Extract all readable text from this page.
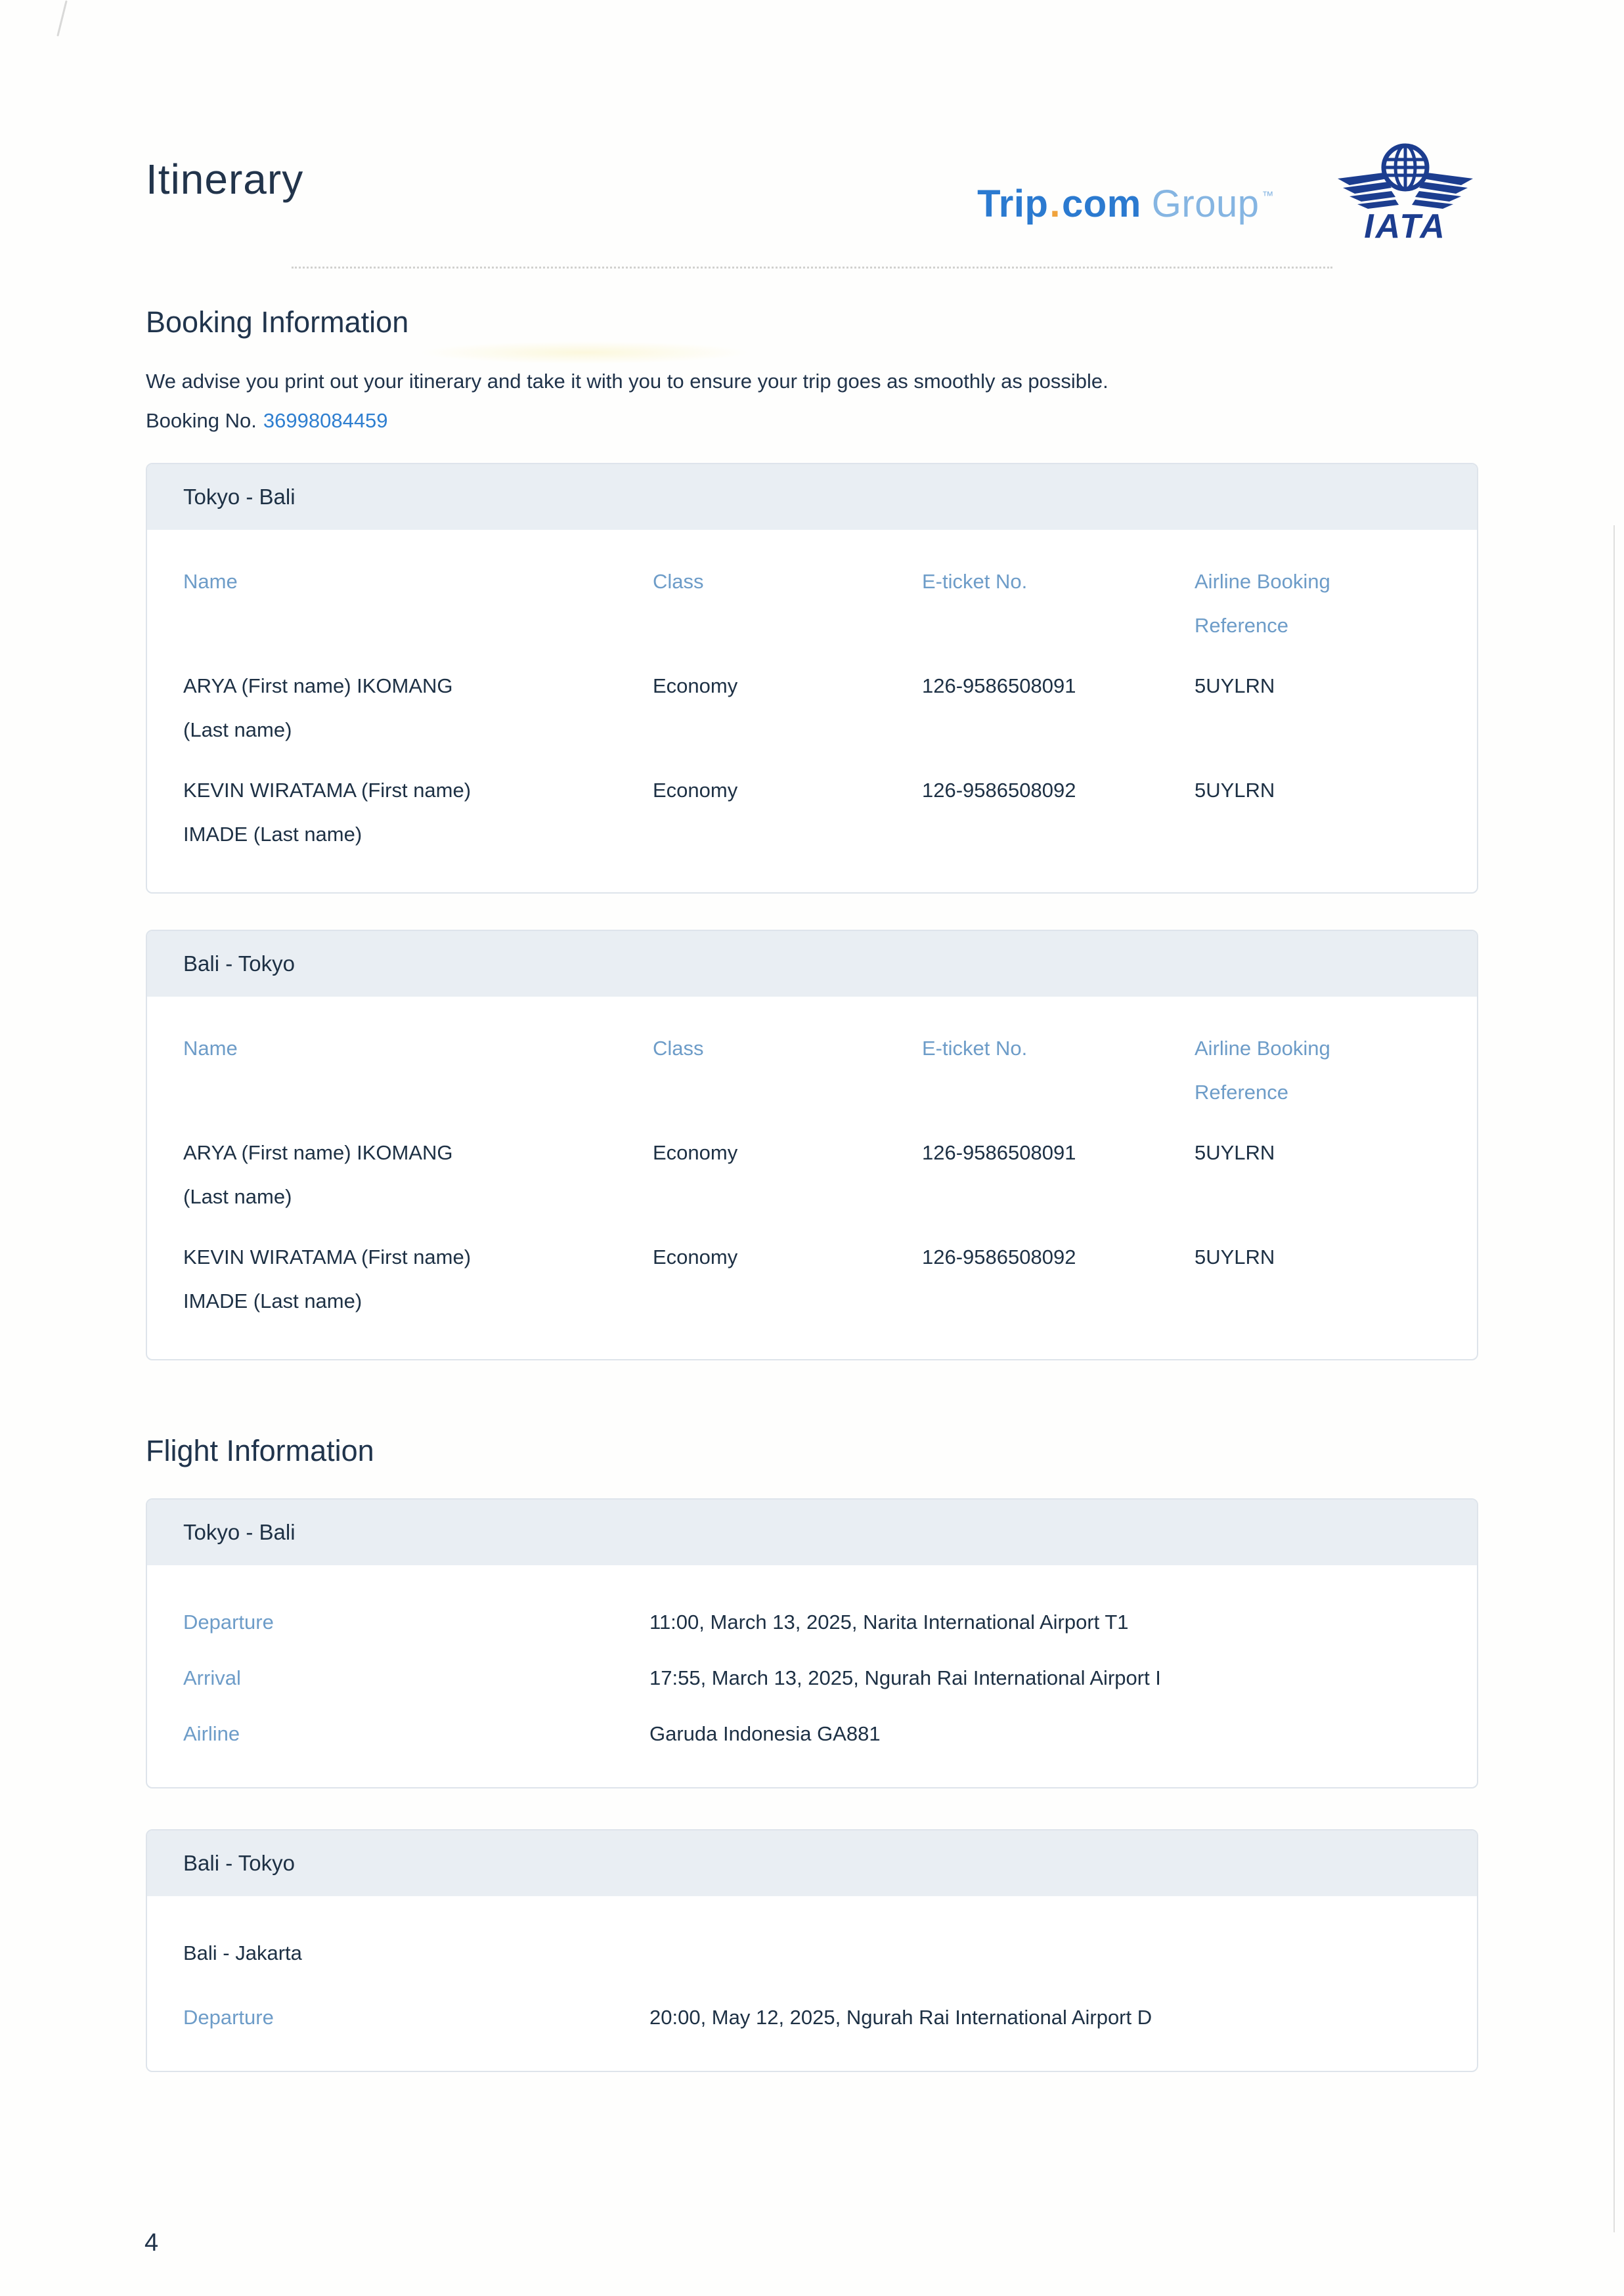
Itinerary
Trip . com Group ™
IATA
Booking Information

We advise you print out your itinerary and take it with you to ensure your trip goes as smoothly as possible.

Booking No. 36998084459

Tokyo - Bali
Name	Class	E-ticket No.	Airline Booking Reference
ARYA (First name) IKOMANG
(Last name)
Economy	126-9586508091	5UYLRN
KEVIN WIRATAMA (First name)
IMADE (Last name)
Economy	126-9586508092	5UYLRN
Bali - Tokyo
Name	Class	E-ticket No.	Airline Booking Reference
ARYA (First name) IKOMANG
(Last name)
Economy	126-9586508091	5UYLRN
KEVIN WIRATAMA (First name)
IMADE (Last name)
Economy	126-9586508092	5UYLRN
Flight Information
Tokyo - Bali
Departure	11:00, March 13, 2025, Narita International Airport T1
Arrival	17:55, March 13, 2025, Ngurah Rai International Airport I
Airline	Garuda Indonesia GA881
Bali - Tokyo
Bali - Jakarta
Departure	20:00, May 12, 2025, Ngurah Rai International Airport D
4
